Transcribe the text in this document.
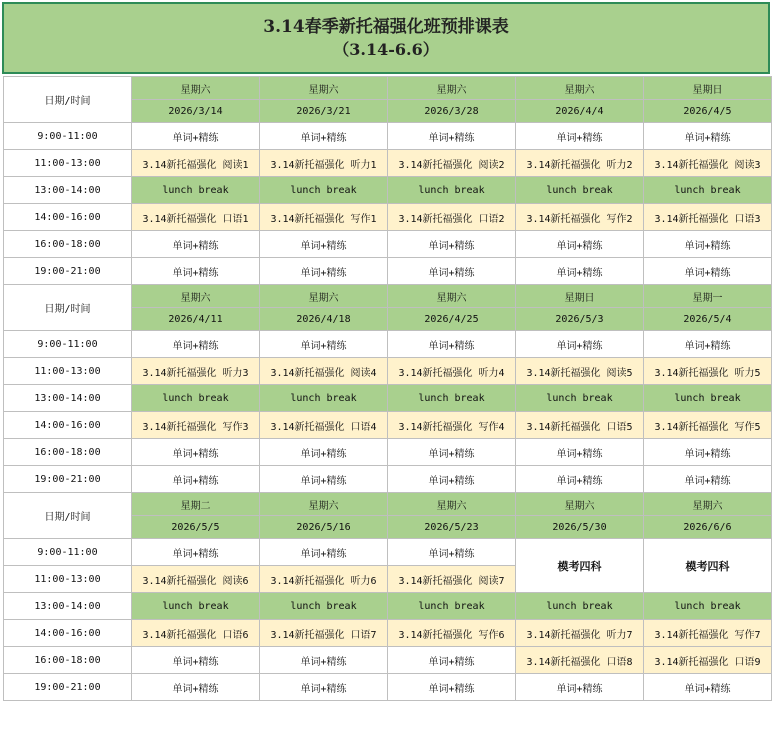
3.14春季新托福强化班预排课表
（3.14-6.6）
日期/时间	星期六	星期六	星期六	星期六	星期日
	2026/3/14	2026/3/21	2026/3/28	2026/4/4	2026/4/5
9:00-11:00	单词+精练	单词+精练	单词+精练	单词+精练	单词+精练
11:00-13:00	3.14新托福强化 阅读1	3.14新托福强化 听力1	3.14新托福强化 阅读2	3.14新托福强化 听力2	3.14新托福强化 阅读3
13:00-14:00	lunch break	lunch break	lunch break	lunch break	lunch break
14:00-16:00	3.14新托福强化 口语1	3.14新托福强化 写作1	3.14新托福强化 口语2	3.14新托福强化 写作2	3.14新托福强化 口语3
16:00-18:00	单词+精练	单词+精练	单词+精练	单词+精练	单词+精练
19:00-21:00	单词+精练	单词+精练	单词+精练	单词+精练	单词+精练
日期/时间	星期六	星期六	星期六	星期日	星期一
	2026/4/11	2026/4/18	2026/4/25	2026/5/3	2026/5/4
9:00-11:00	单词+精练	单词+精练	单词+精练	单词+精练	单词+精练
11:00-13:00	3.14新托福强化 听力3	3.14新托福强化 阅读4	3.14新托福强化 听力4	3.14新托福强化 阅读5	3.14新托福强化 听力5
13:00-14:00	lunch break	lunch break	lunch break	lunch break	lunch break
14:00-16:00	3.14新托福强化 写作3	3.14新托福强化 口语4	3.14新托福强化 写作4	3.14新托福强化 口语5	3.14新托福强化 写作5
16:00-18:00	单词+精练	单词+精练	单词+精练	单词+精练	单词+精练
19:00-21:00	单词+精练	单词+精练	单词+精练	单词+精练	单词+精练
日期/时间	星期二	星期六	星期六	星期六	星期六
	2026/5/5	2026/5/16	2026/5/23	2026/5/30	2026/6/6
9:00-11:00	单词+精练	单词+精练	单词+精练	模考四科	模考四科
11:00-13:00	3.14新托福强化 阅读6	3.14新托福强化 听力6	3.14新托福强化 阅读7		
13:00-14:00	lunch break	lunch break	lunch break	lunch break	lunch break
14:00-16:00	3.14新托福强化 口语6	3.14新托福强化 口语7	3.14新托福强化 写作6	3.14新托福强化 听力7	3.14新托福强化 写作7
16:00-18:00	单词+精练	单词+精练	单词+精练	3.14新托福强化 口语8	3.14新托福强化 口语9
19:00-21:00	单词+精练	单词+精练	单词+精练	单词+精练	单词+精练
